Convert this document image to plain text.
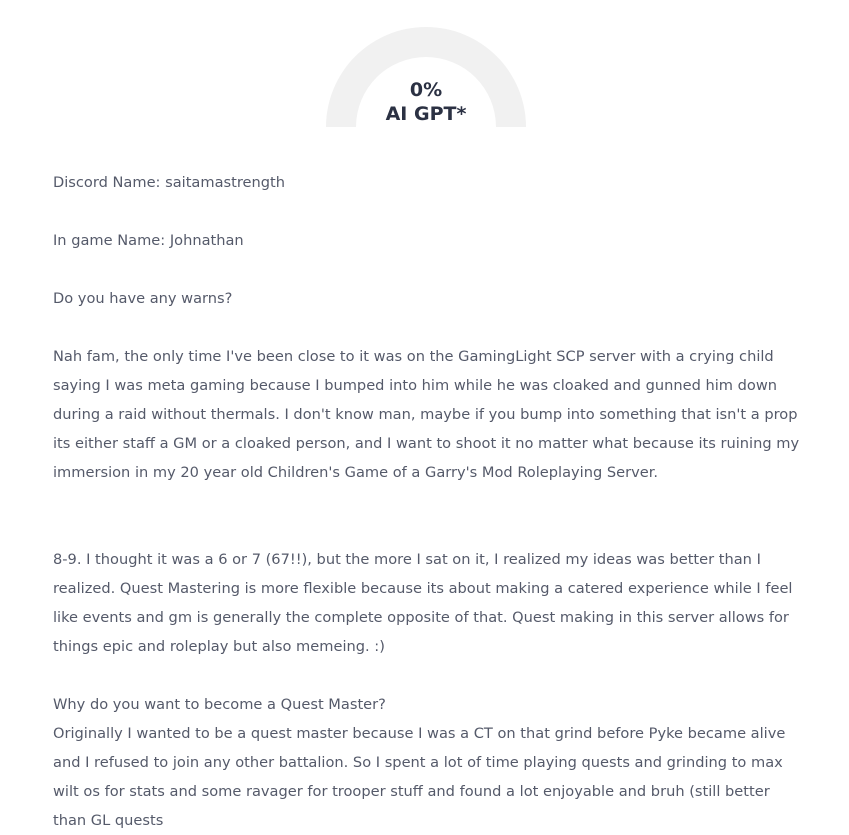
0%
AI GPT*

Discord Name: saitamastrength

In game Name: Johnathan

Do you have any warns?

Nah fam, the only time I've been close to it was on the GamingLight SCP server with a crying child saying I was meta gaming because I bumped into him while he was cloaked and gunned him down during a raid without thermals. I don't know man, maybe if you bump into something that isn't a prop its either staff a GM or a cloaked person, and I want to shoot it no matter what because its ruining my immersion in my 20 year old Children's Game of a Garry's Mod Roleplaying Server.

8-9. I thought it was a 6 or 7 (67!!), but the more I sat on it, I realized my ideas was better than I realized. Quest Mastering is more flexible because its about making a catered experience while I feel like events and gm is generally the complete opposite of that. Quest making in this server allows for things epic and roleplay but also memeing. :)

Why do you want to become a Quest Master?

Originally I wanted to be a quest master because I was a CT on that grind before Pyke became alive and I refused to join any other battalion. So I spent a lot of time playing quests and grinding to max wilt os for stats and some ravager for trooper stuff and found a lot enjoyable and bruh (still better than GL quests
